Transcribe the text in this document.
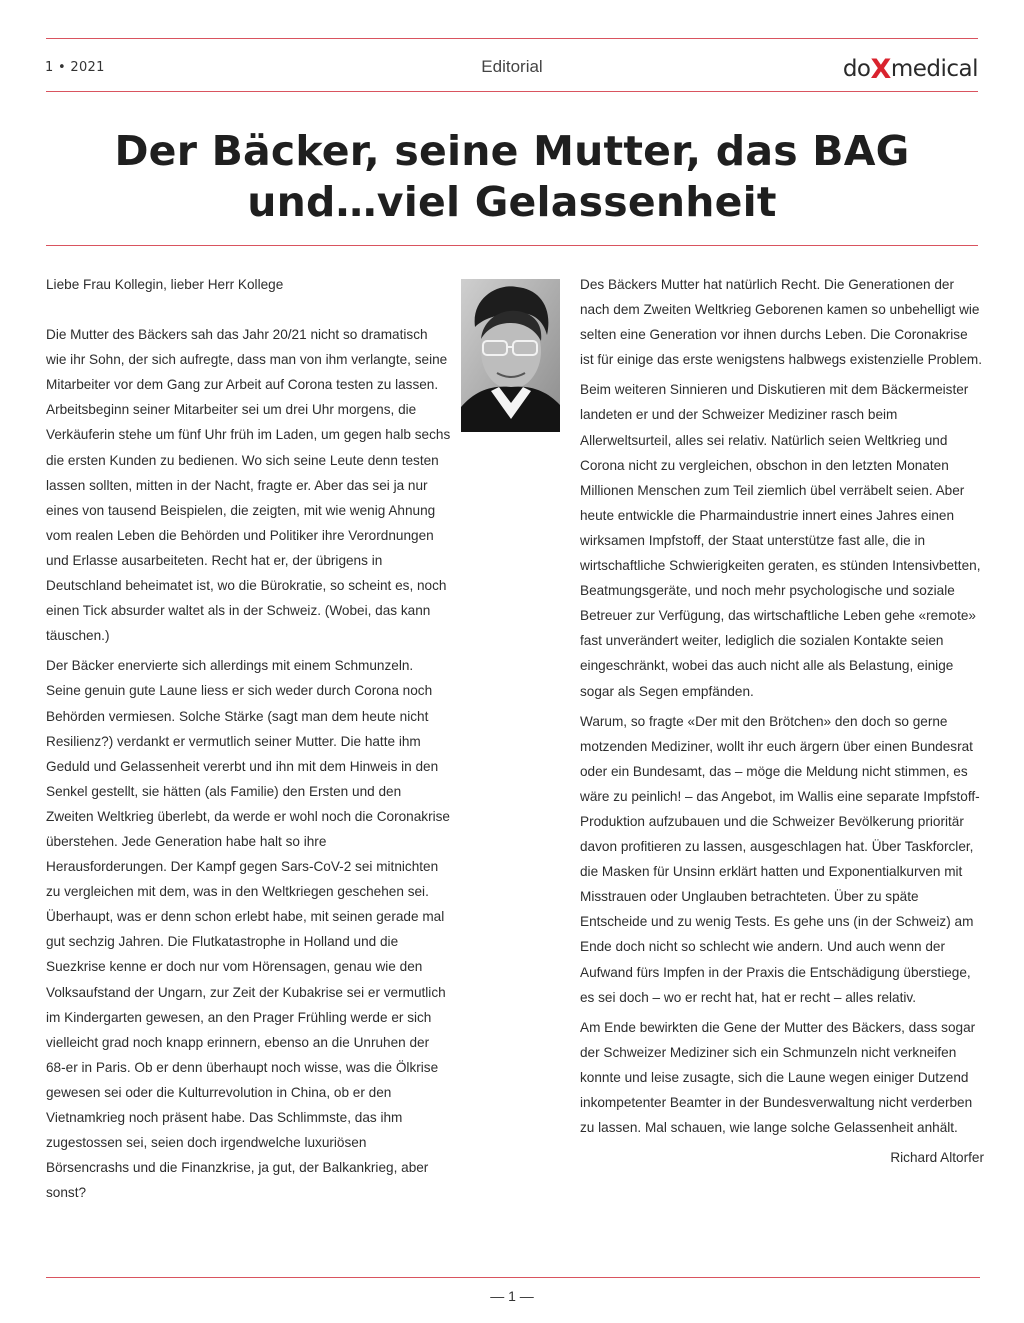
1 • 2021	Editorial	doXmedical
Der Bäcker, seine Mutter, das BAG
und…viel Gelassenheit

Liebe Frau Kollegin, lieber Herr Kollege

Die Mutter des Bäckers sah das Jahr 20/21 nicht so dramatisch wie ihr Sohn, der sich aufregte, dass man von ihm verlangte, seine Mitarbeiter vor dem Gang zur Arbeit auf Corona testen zu lassen. Arbeitsbeginn seiner Mitarbeiter sei um drei Uhr morgens, die Verkäuferin stehe um fünf Uhr früh im Laden, um gegen halb sechs die ersten Kunden zu bedienen. Wo sich seine Leute denn testen lassen sollten, mitten in der Nacht, fragte er. Aber das sei ja nur eines von tausend Beispielen, die zeigten, mit wie wenig Ahnung vom realen Leben die Behörden und Politiker ihre Verordnungen und Erlasse ausarbeiteten. Recht hat er, der übrigens in Deutschland beheimatet ist, wo die Bürokratie, so scheint es, noch einen Tick absurder waltet als in der Schweiz. (Wobei, das kann täuschen.)

Der Bäcker enervierte sich allerdings mit einem Schmunzeln. Seine genuin gute Laune liess er sich weder durch Corona noch Behörden vermiesen. Solche Stärke (sagt man dem heute nicht Resilienz?) verdankt er vermutlich seiner Mutter. Die hatte ihm Geduld und Gelassenheit vererbt und ihn mit dem Hinweis in den Senkel gestellt, sie hätten (als Familie) den Ersten und den Zweiten Weltkrieg überlebt, da werde er wohl noch die Coronakrise überstehen. Jede Generation habe halt so ihre Herausforderungen. Der Kampf gegen Sars-CoV-2 sei mitnichten zu vergleichen mit dem, was in den Weltkriegen geschehen sei. Überhaupt, was er denn schon erlebt habe, mit seinen gerade mal gut sechzig Jahren. Die Flutkatastrophe in Holland und die Suezkrise kenne er doch nur vom Hörensagen, genau wie den Volksaufstand der Ungarn, zur Zeit der Kubakrise sei er vermutlich im Kindergarten gewesen, an den Prager Frühling werde er sich vielleicht grad noch knapp erinnern, ebenso an die Unruhen der 68-er in Paris. Ob er denn überhaupt noch wisse, was die Ölkrise gewesen sei oder die Kulturrevolution in China, ob er den Vietnamkrieg noch präsent habe. Das Schlimmste, das ihm zugestossen sei, seien doch irgendwelche luxuriösen Börsencrashs und die Finanzkrise, ja gut, der Balkankrieg, aber sonst?

Des Bäckers Mutter hat natürlich Recht. Die Generationen der nach dem Zweiten Weltkrieg Geborenen kamen so unbehelligt wie selten eine Generation vor ihnen durchs Leben. Die Coronakrise ist für einige das erste wenigstens halbwegs existenzielle Problem.

Beim weiteren Sinnieren und Diskutieren mit dem Bäckermeister landeten er und der Schweizer Mediziner rasch beim Allerweltsurteil, alles sei relativ. Natürlich seien Weltkrieg und Corona nicht zu vergleichen, obschon in den letzten Monaten Millionen Menschen zum Teil ziemlich übel verräbelt seien. Aber heute entwickle die Pharmaindustrie innert eines Jahres einen wirksamen Impfstoff, der Staat unterstütze fast alle, die in wirtschaftliche Schwierigkeiten geraten, es stünden Intensivbetten, Beatmungsgeräte, und noch mehr psychologische und soziale Betreuer zur Verfügung, das wirtschaftliche Leben gehe «remote» fast unverändert weiter, lediglich die sozialen Kontakte seien eingeschränkt, wobei das auch nicht alle als Belastung, einige sogar als Segen empfänden.

Warum, so fragte «Der mit den Brötchen» den doch so gerne motzenden Mediziner, wollt ihr euch ärgern über einen Bundesrat oder ein Bundesamt, das – möge die Meldung nicht stimmen, es wäre zu peinlich! – das Angebot, im Wallis eine separate Impfstoff-Produktion aufzubauen und die Schweizer Bevölkerung prioritär davon profitieren zu lassen, ausgeschlagen hat. Über Taskforcler, die Masken für Unsinn erklärt hatten und Exponentialkurven mit Misstrauen oder Unglauben betrachteten. Über zu späte Entscheide und zu wenig Tests. Es gehe uns (in der Schweiz) am Ende doch nicht so schlecht wie andern. Und auch wenn der Aufwand fürs Impfen in der Praxis die Entschädigung überstiege, es sei doch – wo er recht hat, hat er recht – alles relativ.

Am Ende bewirkten die Gene der Mutter des Bäckers, dass sogar der Schweizer Mediziner sich ein Schmunzeln nicht verkneifen konnte und leise zusagte, sich die Laune wegen einiger Dutzend inkompetenter Beamter in der Bundesverwaltung nicht verderben zu lassen. Mal schauen, wie lange solche Gelassenheit anhält.

Richard Altorfer

— 1 —
